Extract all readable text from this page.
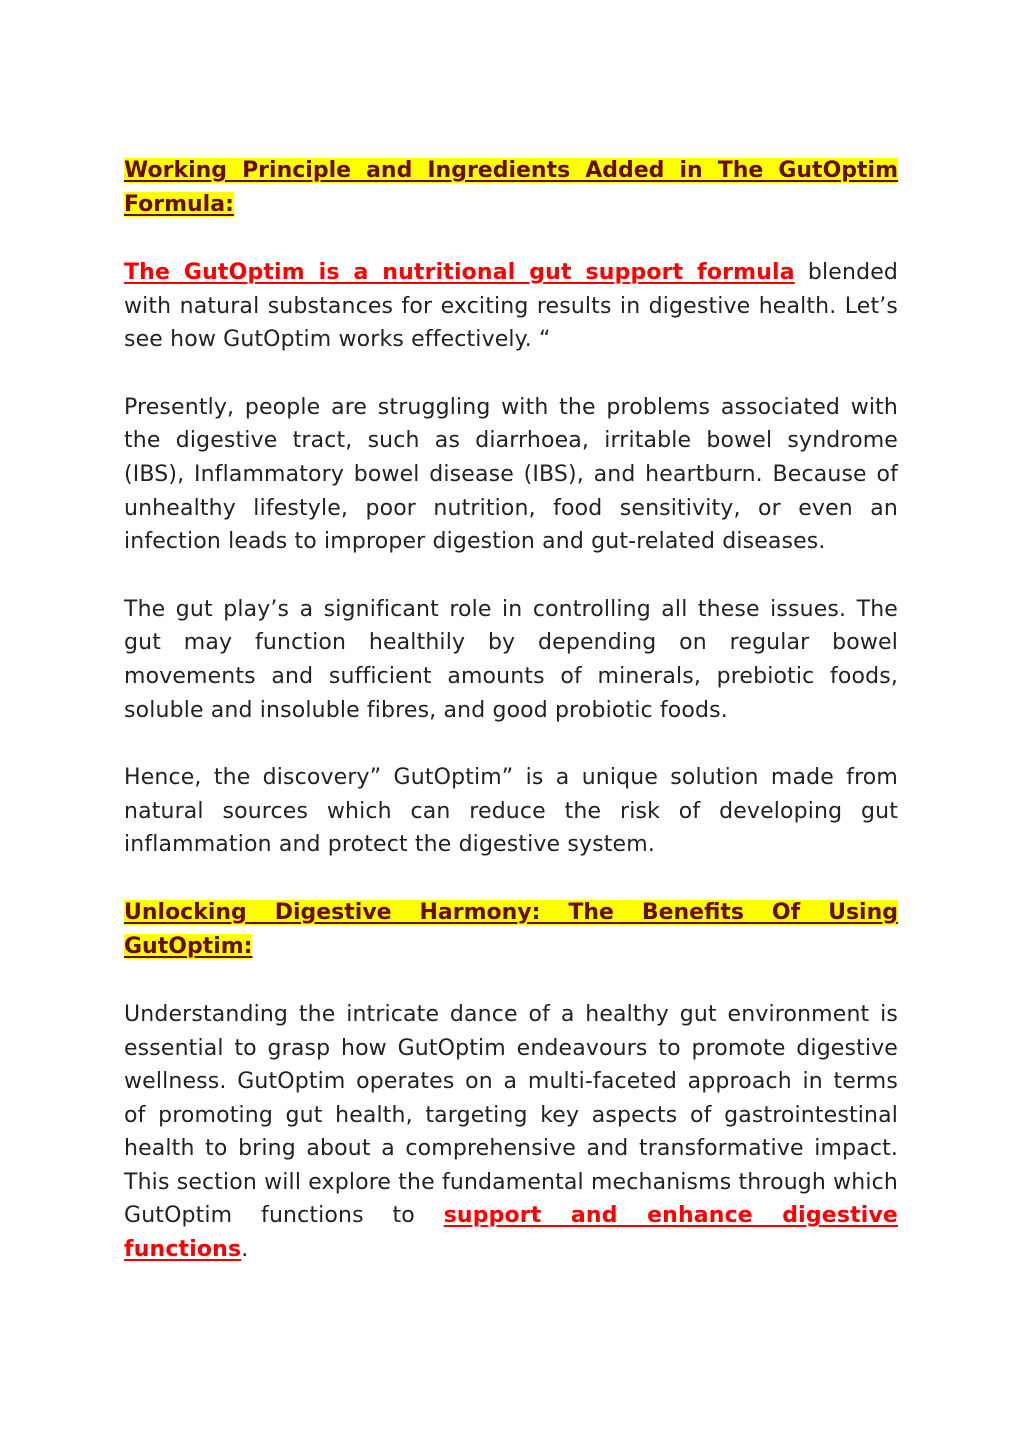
Working Principle and Ingredients Added in The GutOptim Formula:

The GutOptim is a nutritional gut support formula blended with natural substances for exciting results in digestive health. Let’s see how GutOptim works effectively. “

Presently, people are struggling with the problems associated with the digestive tract, such as diarrhoea, irritable bowel syndrome (IBS), Inflammatory bowel disease (IBS), and heartburn. Because of unhealthy lifestyle, poor nutrition, food sensitivity, or even an infection leads to improper digestion and gut-related diseases.

The gut play’s a significant role in controlling all these issues. The gut may function healthily by depending on regular bowel movements and sufficient amounts of minerals, prebiotic foods, soluble and insoluble fibres, and good probiotic foods.

Hence, the discovery” GutOptim” is a unique solution made from natural sources which can reduce the risk of developing gut inflammation and protect the digestive system.

Unlocking Digestive Harmony: The Benefits Of Using GutOptim:

Understanding the intricate dance of a healthy gut environment is essential to grasp how GutOptim endeavours to promote digestive wellness. GutOptim operates on a multi-faceted approach in terms of promoting gut health, targeting key aspects of gastrointestinal health to bring about a comprehensive and transformative impact. This section will explore the fundamental mechanisms through which GutOptim functions to support and enhance digestive functions.
